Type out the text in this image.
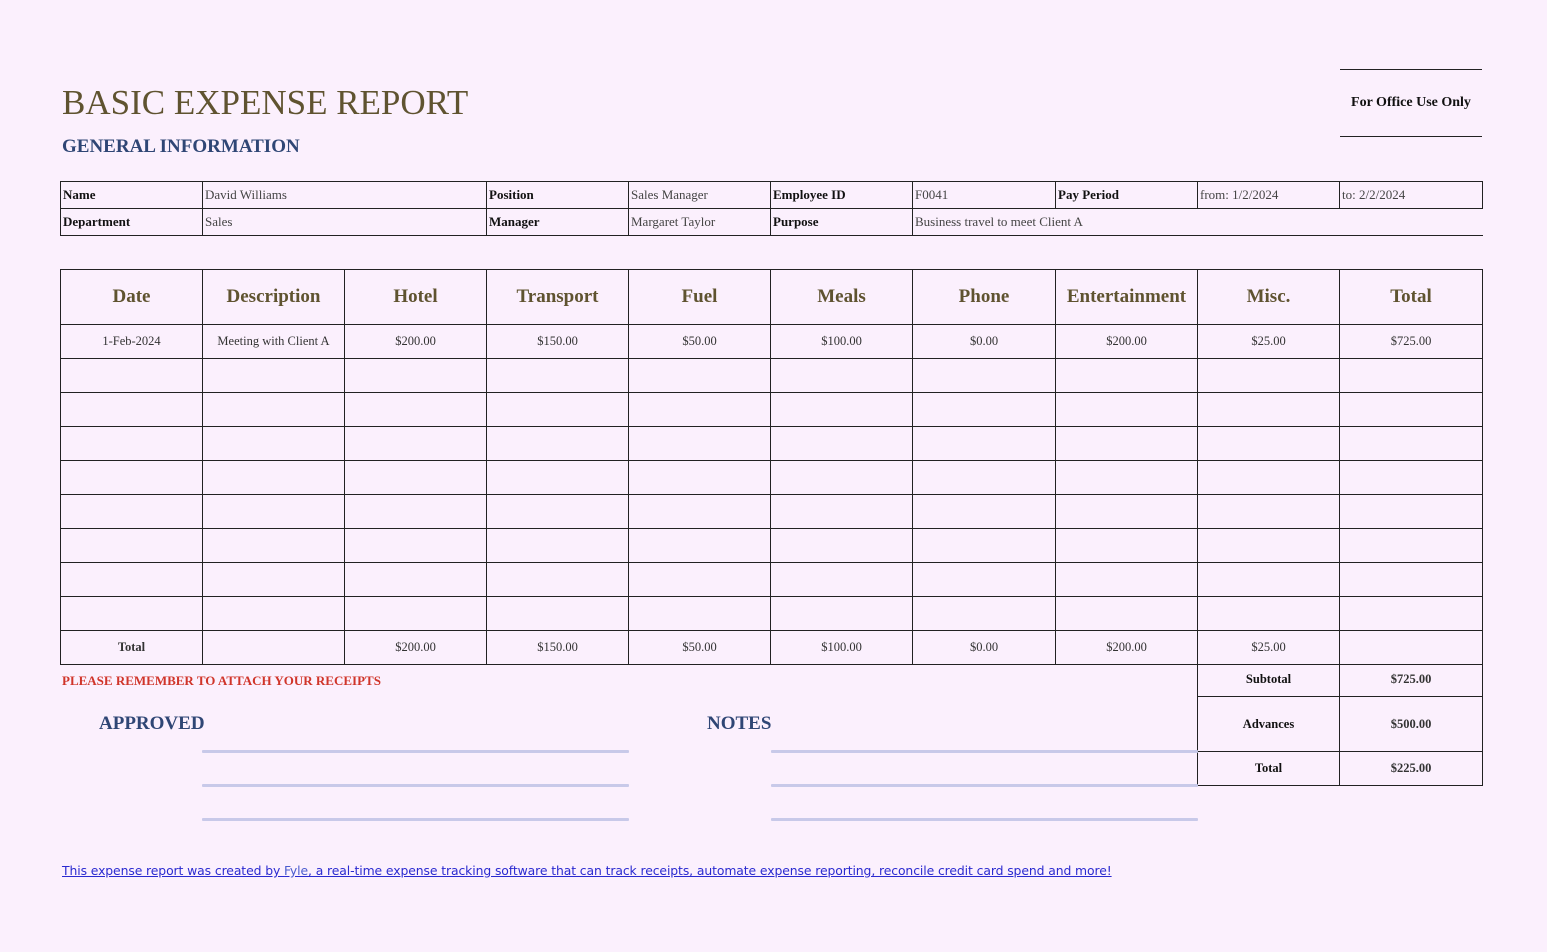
BASIC EXPENSE REPORT
GENERAL INFORMATION
For Office Use Only
Name	David Williams	Position	Sales Manager	Employee ID	F0041	Pay Period	from: 1/2/2024	to: 2/2/2024
Department	Sales	Manager	Margaret Taylor	Purpose	Business travel to meet Client A			
Date	Description	Hotel	Transport	Fuel	Meals	Phone	Entertainment	Misc.	Total
1-Feb-2024	Meeting with Client A	$200.00	$150.00	$50.00	$100.00	$0.00	$200.00	$25.00	$725.00

Total		$200.00	$150.00	$50.00	$100.00	$0.00	$200.00	$25.00	
PLEASE REMEMBER TO ATTACH YOUR RECEIPTS	Subtotal	$725.00
Advances	$500.00
Total	$225.00
APPROVED	NOTES
This expense report was created by Fyle, a real-time expense tracking software that can track receipts, automate expense reporting, reconcile credit card spend and more!
